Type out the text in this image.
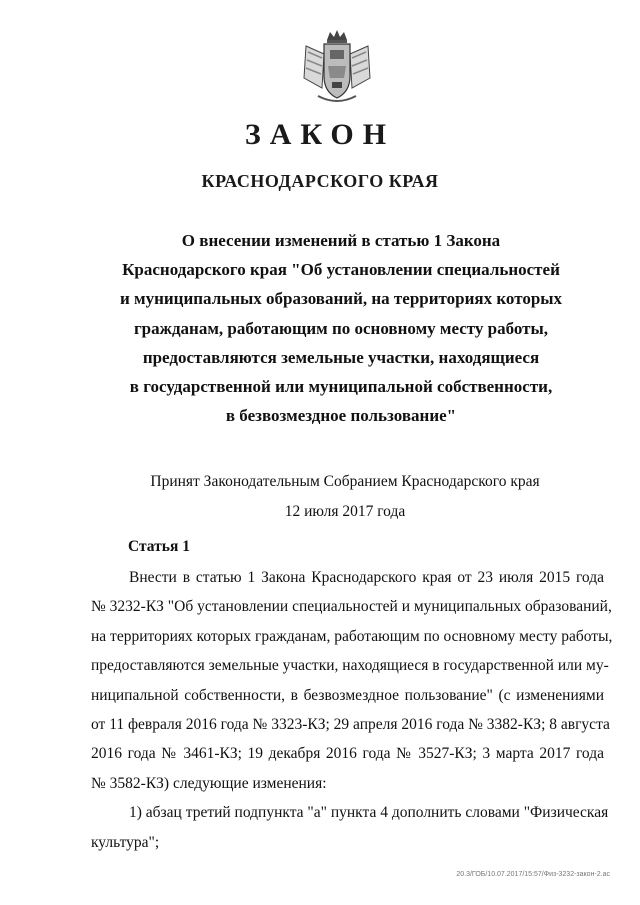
ЗАКОН
КРАСНОДАРСКОГО КРАЯ
О внесении изменений в статью 1 Закона
Краснодарского края "Об установлении специальностей
и муниципальных образований, на территориях которых
гражданам, работающим по основному месту работы,
предоставляются земельные участки, находящиеся
в государственной или муниципальной собственности,
в безвозмездное пользование"
Принят Законодательным Собранием Краснодарского края
12 июля 2017 года
Статья 1
Внести в статью 1 Закона Краснодарского края от 23 июля 2015 года
№ 3232-КЗ "Об установлении специальностей и муниципальных образований,
на территориях которых гражданам, работающим по основному месту работы,
предоставляются земельные участки, находящиеся в государственной или му-
ниципальной собственности, в безвозмездное пользование" (с изменениями
от 11 февраля 2016 года № 3323-КЗ; 29 апреля 2016 года № 3382-КЗ; 8 августа
2016 года № 3461-КЗ; 19 декабря 2016 года № 3527-КЗ; 3 марта 2017 года
№ 3582-КЗ) следующие изменения:
1) абзац третий подпункта "а" пункта 4 дополнить словами "Физическая
культура";
20.3/ГОБ/10.07.2017/15:57/Физ-3232-закон-2.ас
